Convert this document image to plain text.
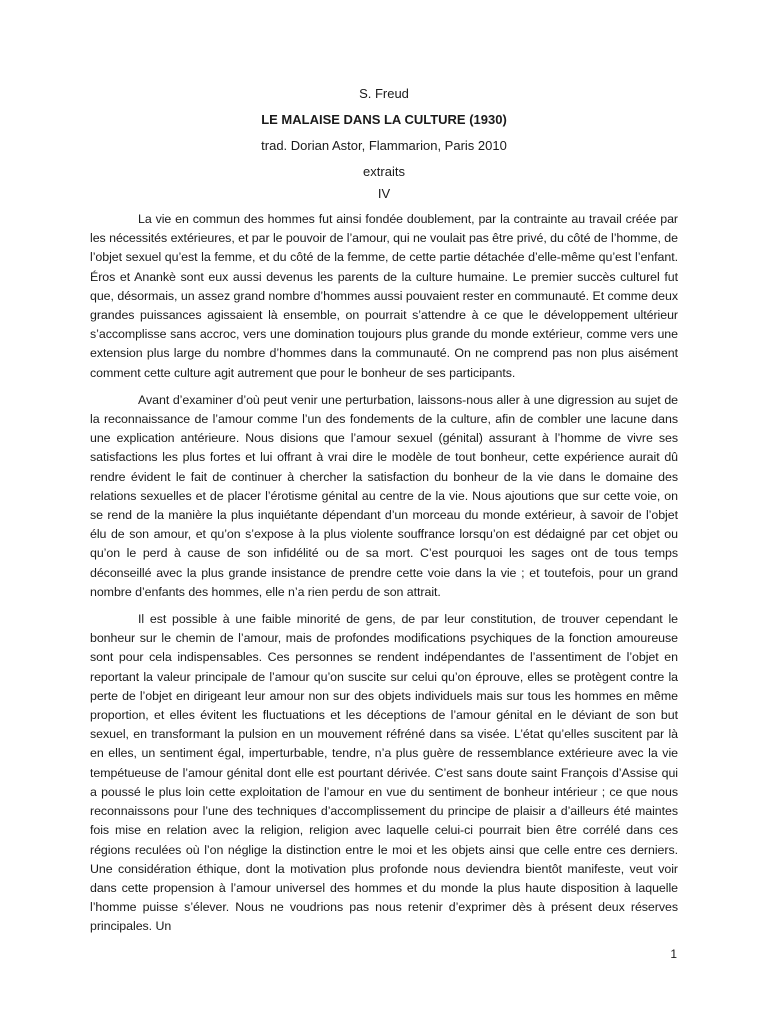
S. Freud
LE MALAISE DANS LA CULTURE (1930)
trad. Dorian Astor, Flammarion, Paris 2010
extraits
IV

La vie en commun des hommes fut ainsi fondée doublement, par la contrainte au travail créée par les nécessités extérieures, et par le pouvoir de l’amour, qui ne voulait pas être privé, du côté de l’homme, de l’objet sexuel qu’est la femme, et du côté de la femme, de cette partie détachée d’elle-même qu’est l’enfant. Éros et Anankè sont eux aussi devenus les parents de la culture humaine. Le premier succès culturel fut que, désormais, un assez grand nombre d’hommes aussi pouvaient rester en communauté. Et comme deux grandes puissances agissaient là ensemble, on pourrait s’attendre à ce que le développement ultérieur s’accomplisse sans accroc, vers une domination toujours plus grande du monde extérieur, comme vers une extension plus large du nombre d’hommes dans la communauté. On ne comprend pas non plus aisément comment cette culture agit autrement que pour le bonheur de ses participants.

Avant d’examiner d’où peut venir une perturbation, laissons-nous aller à une digression au sujet de la reconnaissance de l’amour comme l’un des fondements de la culture, afin de combler une lacune dans une explication antérieure. Nous disions que l’amour sexuel (génital) assurant à l’homme de vivre ses satisfactions les plus fortes et lui offrant à vrai dire le modèle de tout bonheur, cette expérience aurait dû rendre évident le fait de continuer à chercher la satisfaction du bonheur de la vie dans le domaine des relations sexuelles et de placer l’érotisme génital au centre de la vie. Nous ajoutions que sur cette voie, on se rend de la manière la plus inquiétante dépendant d’un morceau du monde extérieur, à savoir de l’objet élu de son amour, et qu’on s’expose à la plus violente souffrance lorsqu’on est dédaigné par cet objet ou qu’on le perd à cause de son infidélité ou de sa mort. C’est pourquoi les sages ont de tous temps déconseillé avec la plus grande insistance de prendre cette voie dans la vie ; et toutefois, pour un grand nombre d’enfants des hommes, elle n’a rien perdu de son attrait.

Il est possible à une faible minorité de gens, de par leur constitution, de trouver cependant le bonheur sur le chemin de l’amour, mais de profondes modifications psychiques de la fonction amoureuse sont pour cela indispensables. Ces personnes se rendent indépendantes de l’assentiment de l’objet en reportant la valeur principale de l’amour qu’on suscite sur celui qu’on éprouve, elles se protègent contre la perte de l’objet en dirigeant leur amour non sur des objets individuels mais sur tous les hommes en même proportion, et elles évitent les fluctuations et les déceptions de l’amour génital en le déviant de son but sexuel, en transformant la pulsion en un mouvement réfréné dans sa visée. L’état qu’elles suscitent par là en elles, un sentiment égal, imperturbable, tendre, n’a plus guère de ressemblance extérieure avec la vie tempétueuse de l’amour génital dont elle est pourtant dérivée. C’est sans doute saint François d’Assise qui a poussé le plus loin cette exploitation de l’amour en vue du sentiment de bonheur intérieur ; ce que nous reconnaissons pour l’une des techniques d’accomplissement du principe de plaisir a d’ailleurs été maintes fois mise en relation avec la religion, religion avec laquelle celui-ci pourrait bien être corrélé dans ces régions reculées où l’on néglige la distinction entre le moi et les objets ainsi que celle entre ces derniers. Une considération éthique, dont la motivation plus profonde nous deviendra bientôt manifeste, veut voir dans cette propension à l’amour universel des hommes et du monde la plus haute disposition à laquelle l’homme puisse s’élever. Nous ne voudrions pas nous retenir d’exprimer dès à présent deux réserves principales. Un

1
